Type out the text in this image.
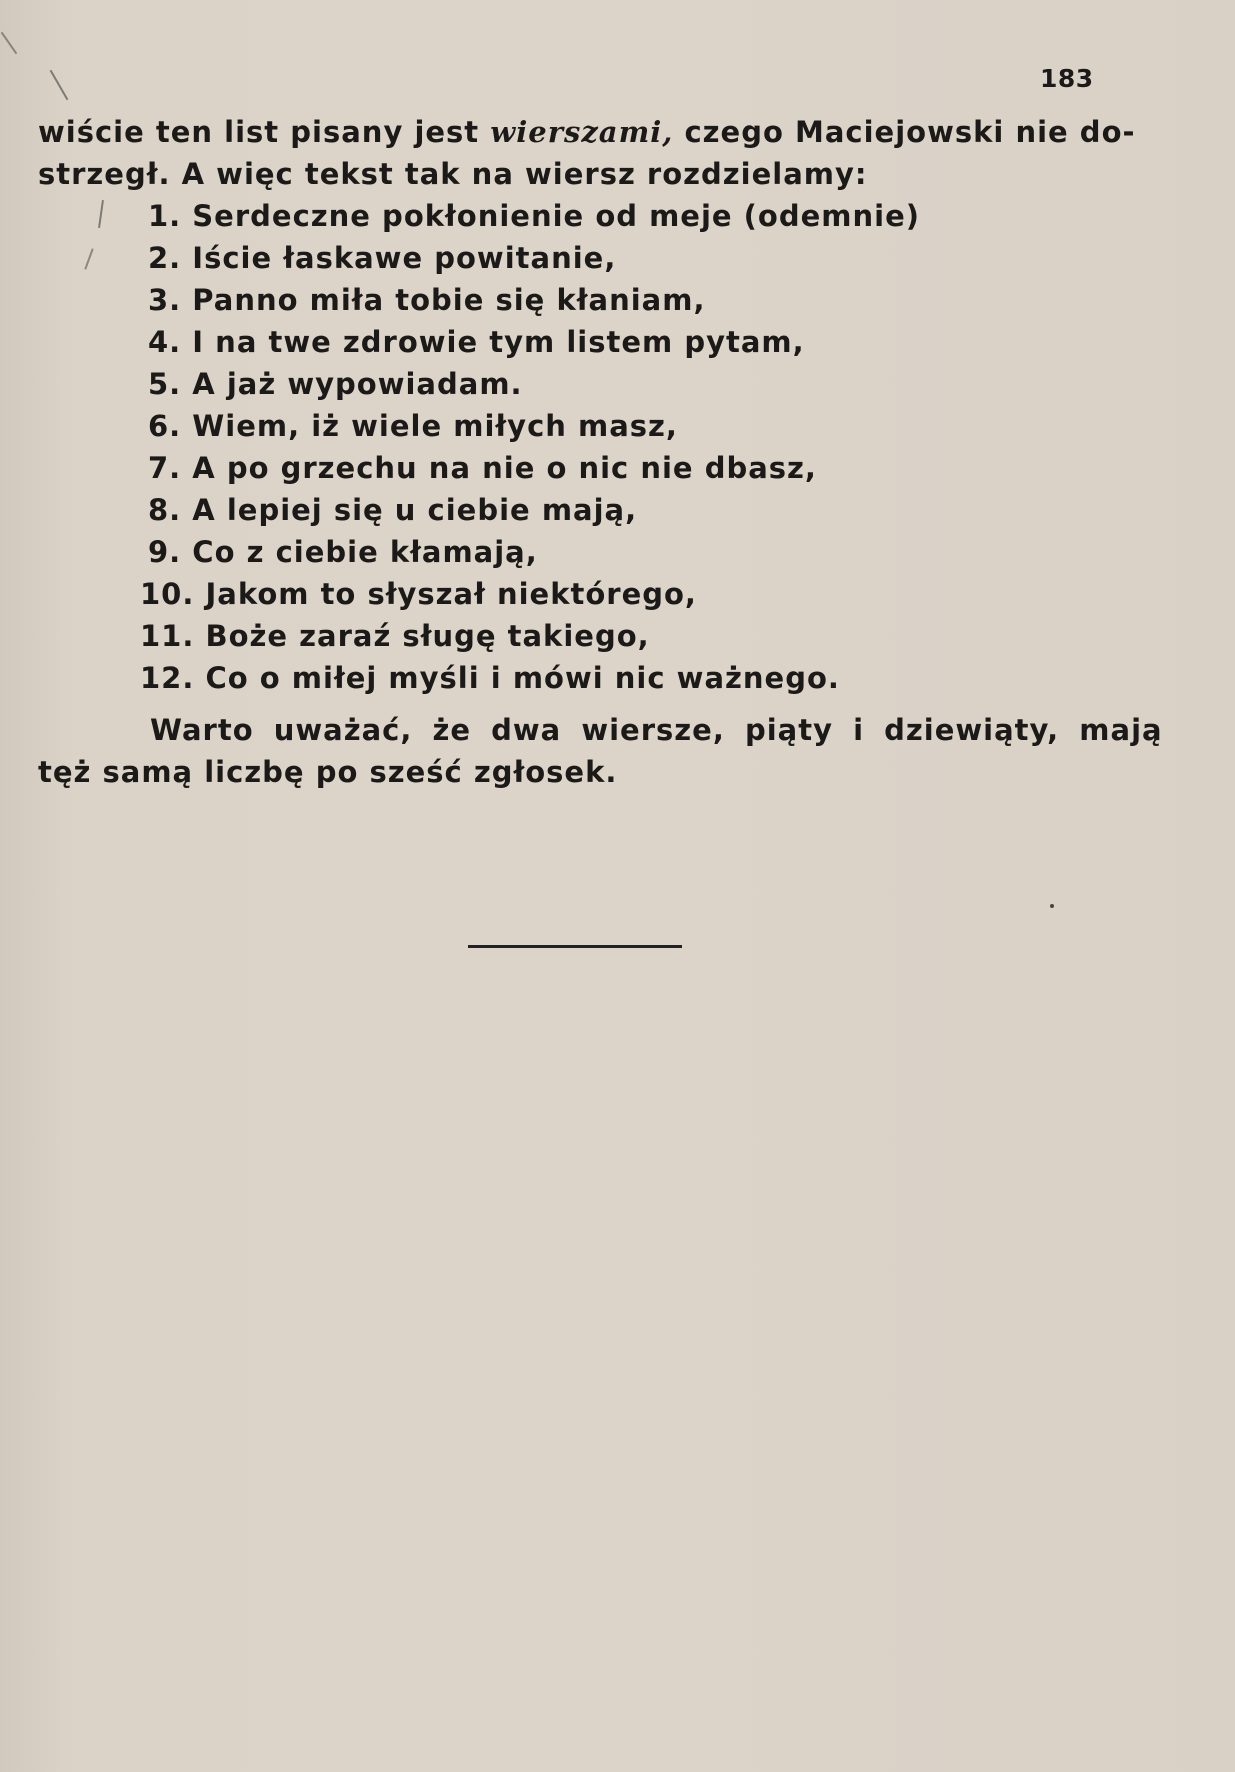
183
wiście ten list pisany jest wierszami, czego Maciejowski nie do-
strzegł. A więc tekst tak na wiersz rozdzielamy:
1. Serdeczne pokłonienie od meje (odemnie)
2. Iście łaskawe powitanie,
3. Panno miła tobie się kłaniam,
4. I na twe zdrowie tym listem pytam,
5. A jaż wypowiadam.
6. Wiem, iż wiele miłych masz,
7. A po grzechu na nie o nic nie dbasz,
8. A lepiej się u ciebie mają,
9. Co z ciebie kłamają,
10. Jakom to słyszał niektórego,
11. Boże zaraź sługę takiego,
12. Co o miłej myśli i mówi nic ważnego.
Warto uważać, że dwa wiersze, piąty i dziewiąty, mają
tęż samą liczbę po sześć zgłosek.
